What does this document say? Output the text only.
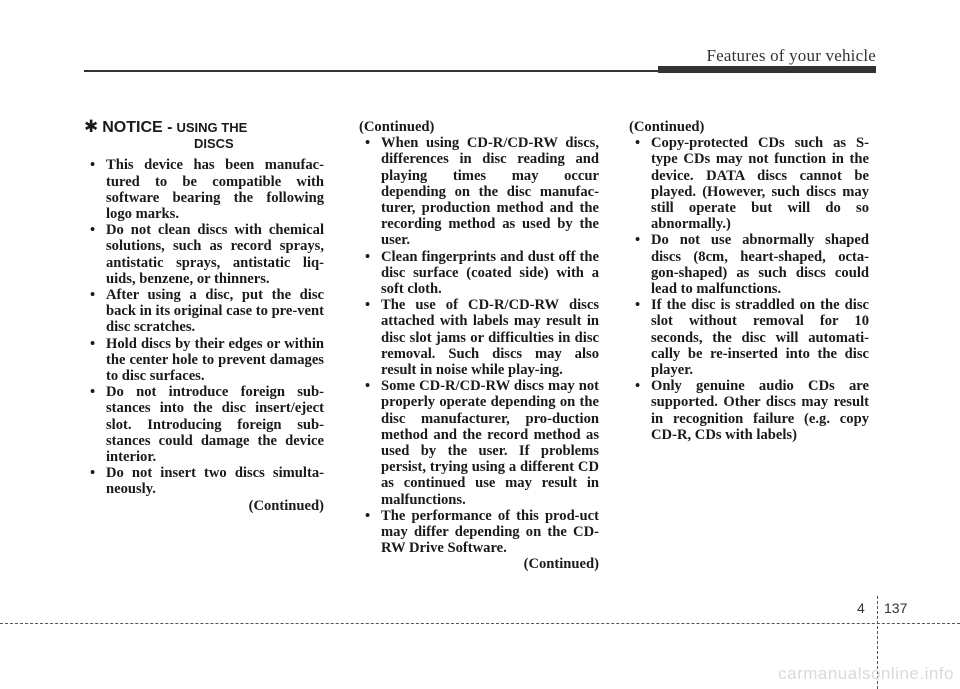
Features of your vehicle
✱ NOTICE - USING THE
DISCS
• This device has been manufac-tured to be compatible with software bearing the following logo marks.
• Do not clean discs with chemical solutions, such as record sprays, antistatic sprays, antistatic liq-uids, benzene, or thinners.
• After using a disc, put the disc back in its original case to pre-vent disc scratches.
• Hold discs by their edges or within the center hole to prevent damages to disc surfaces.
• Do not introduce foreign sub-stances into the disc insert/eject slot. Introducing foreign sub-stances could damage the device interior.
• Do not insert two discs simulta-neously.
(Continued)
(Continued)
• When using CD-R/CD-RW discs, differences in disc reading and playing times may occur depending on the disc manufac-turer, production method and the recording method as used by the user.
• Clean fingerprints and dust off the disc surface (coated side) with a soft cloth.
• The use of CD-R/CD-RW discs attached with labels may result in disc slot jams or difficulties in disc removal. Such discs may also result in noise while play-ing.
• Some CD-R/CD-RW discs may not properly operate depending on the disc manufacturer, pro-duction method and the record method as used by the user. If problems persist, trying using a different CD as continued use may result in malfunctions.
• The performance of this prod-uct may differ depending on the CD-RW Drive Software.
(Continued)
(Continued)
• Copy-protected CDs such as S-type CDs may not function in the device. DATA discs cannot be played. (However, such discs may still operate but will do so abnormally.)
• Do not use abnormally shaped discs (8cm, heart-shaped, octa-gon-shaped) as such discs could lead to malfunctions.
• If the disc is straddled on the disc slot without removal for 10 seconds, the disc will automati-cally be re-inserted into the disc player.
• Only genuine audio CDs are supported. Other discs may result in recognition failure (e.g. copy CD-R, CDs with labels)
4 137
carmanualsonline.info
